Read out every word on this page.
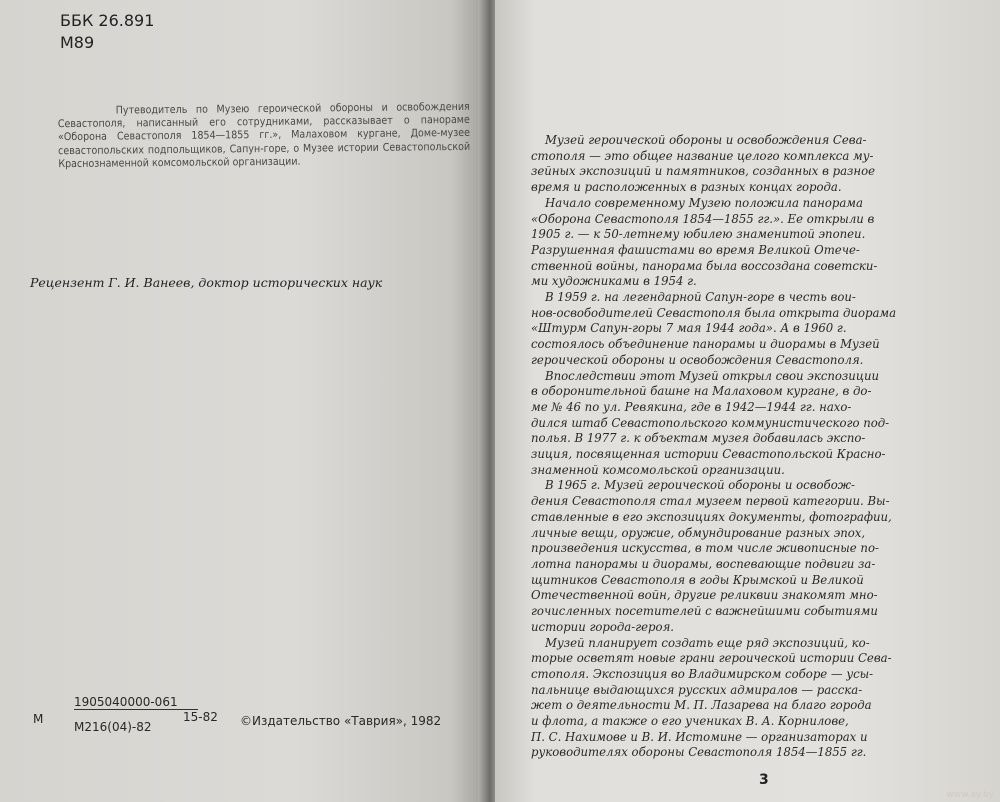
ББК 26.891
М89
Путеводитель по Музею героической обороны и освобождения Севастополя, написанный его сотрудниками, рассказывает о панораме «Оборона Севастополя 1854—1855 гг.», Малаховом кургане, Доме-музее севастопольских подпольщиков, Сапун-горе, о Музее истории Севастопольской Краснознаменной комсомольской организации.
Рецензент Г. И. Ванеев, доктор исторических наук
М
1905040000-061
М216(04)-82
15-82 ©Издательство «Таврия», 1982
Музей героической обороны и освобождения Сева-
стополя — это общее название целого комплекса му-
зейных экспозиций и памятников, созданных в разное
время и расположенных в разных концах города.
Начало современному Музею положила панорама
«Оборона Севастополя 1854—1855 гг.». Ее открыли в
1905 г. — к 50-летнему юбилею знаменитой эпопеи.
Разрушенная фашистами во время Великой Отече-
ственной войны, панорама была воссоздана советски-
ми художниками в 1954 г.
В 1959 г. на легендарной Сапун-горе в честь вои-
нов-освободителей Севастополя была открыта диорама
«Штурм Сапун-горы 7 мая 1944 года». А в 1960 г.
состоялось объединение панорамы и диорамы в Музей
героической обороны и освобождения Севастополя.
Впоследствии этот Музей открыл свои экспозиции
в оборонительной башне на Малаховом кургане, в до-
ме № 46 по ул. Ревякина, где в 1942—1944 гг. нахо-
дился штаб Севастопольского коммунистического под-
полья. В 1977 г. к объектам музея добавилась экспо-
зиция, посвященная истории Севастопольской Красно-
знаменной комсомольской организации.
В 1965 г. Музей героической обороны и освобож-
дения Севастополя стал музеем первой категории. Вы-
ставленные в его экспозициях документы, фотографии,
личные вещи, оружие, обмундирование разных эпох,
произведения искусства, в том числе живописные по-
лотна панорамы и диорамы, воспевающие подвиги за-
щитников Севастополя в годы Крымской и Великой
Отечественной войн, другие реликвии знакомят мно-
гочисленных посетителей с важнейшими событиями
истории города-героя.
Музей планирует создать еще ряд экспозиций, ко-
торые осветят новые грани героической истории Сева-
стополя. Экспозиция во Владимирском соборе — усы-
пальнице выдающихся русских адмиралов — расска-
жет о деятельности М. П. Лазарева на благо города
и флота, а также о его учениках В. А. Корнилове,
П. С. Нахимове и В. И. Истомине — организаторах и
руководителях обороны Севастополя 1854—1855 гг.
3
www.ay.by
